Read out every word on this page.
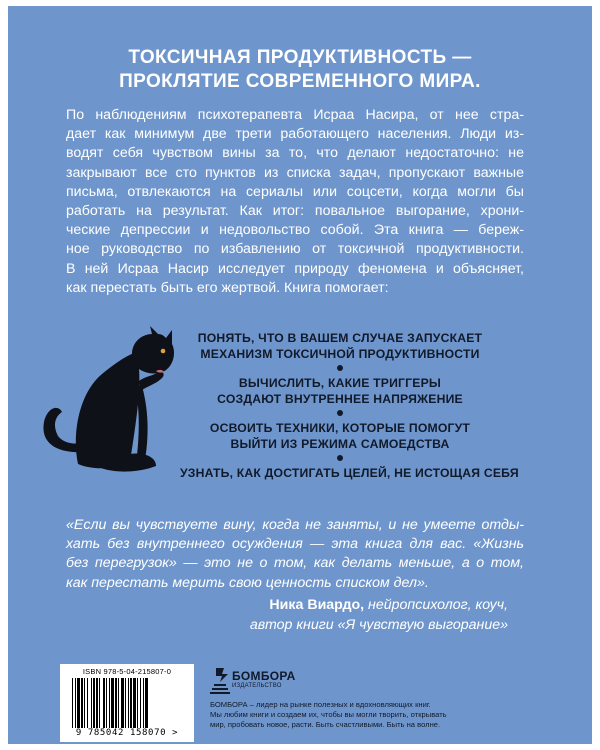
ТОКСИЧНАЯ ПРОДУКТИВНОСТЬ —
ПРОКЛЯТИЕ СОВРЕМЕННОГО МИРА.
По наблюдениям психотерапевта Исраа Насира, от нее стра-
дает как минимум две трети работающего населения. Люди из-
водят себя чувством вины за то, что делают недостаточно: не
закрывают все сто пунктов из списка задач, пропускают важные
письма, отвлекаются на сериалы или соцсети, когда могли бы
работать на результат. Как итог: повальное выгорание, хрони-
ческие депрессии и недовольство собой. Эта книга — береж-
ное руководство по избавлению от токсичной продуктивности.
В ней Исраа Насир исследует природу феномена и объясняет,
как перестать быть его жертвой. Книга помогает:
ПОНЯТЬ, ЧТО В ВАШЕМ СЛУЧАЕ ЗАПУСКАЕТ
МЕХАНИЗМ ТОКСИЧНОЙ ПРОДУКТИВНОСТИ
ВЫЧИСЛИТЬ, КАКИЕ ТРИГГЕРЫ
СОЗДАЮТ ВНУТРЕННЕЕ НАПРЯЖЕНИЕ
ОСВОИТЬ ТЕХНИКИ, КОТОРЫЕ ПОМОГУТ
ВЫЙТИ ИЗ РЕЖИМА САМОЕДСТВА
УЗНАТЬ, КАК ДОСТИГАТЬ ЦЕЛЕЙ, НЕ ИСТОЩАЯ СЕБЯ
«Если вы чувствуете вину, когда не заняты, и не умеете отды-
хать без внутреннего осуждения — эта книга для вас. «Жизнь
без перегрузок» — это не о том, как делать меньше, а о том,
как перестать мерить свою ценность списком дел».
Ника Виардо, нейропсихолог, коуч,
автор книги «Я чувствую выгорание»
ISBN 978-5-04-215807-0
9 785042 158070 >
БОМБОРА
ИЗДАТЕЛЬСТВО
БОМБОРА – лидер на рынке полезных и вдохновляющих книг.
Мы любим книги и создаем их, чтобы вы могли творить, открывать
мир, пробовать новое, расти. Быть счастливыми. Быть на волне.
